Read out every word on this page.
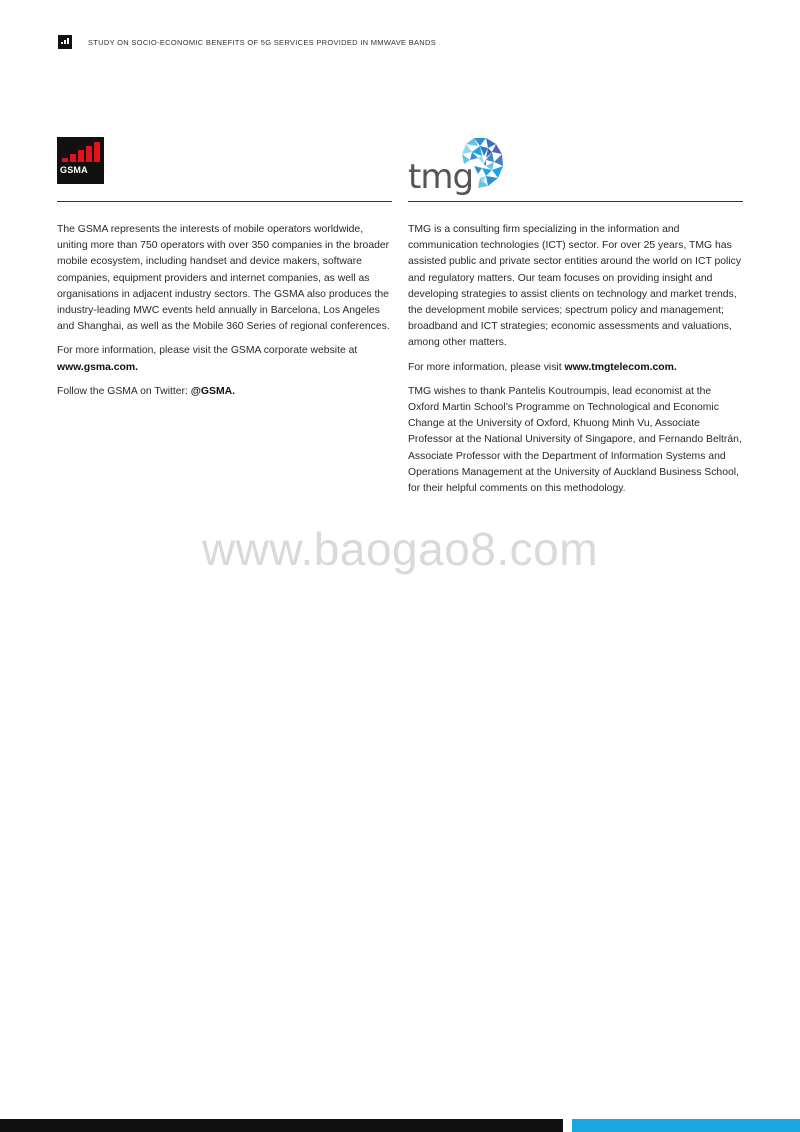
STUDY ON SOCIO-ECONOMIC BENEFITS OF 5G SERVICES PROVIDED IN MMWAVE BANDS
GSMA

The GSMA represents the interests of mobile operators worldwide, uniting more than 750 operators with over 350 companies in the broader mobile ecosystem, including handset and device makers, software companies, equipment providers and internet companies, as well as organisations in adjacent industry sectors. The GSMA also produces the industry-leading MWC events held annually in Barcelona, Los Angeles and Shanghai, as well as the Mobile 360 Series of regional conferences.

For more information, please visit the GSMA corporate website at www.gsma.com.

Follow the GSMA on Twitter: @GSMA.

tmg

TMG is a consulting firm specializing in the information and communication technologies (ICT) sector. For over 25 years, TMG has assisted public and private sector entities around the world on ICT policy and regulatory matters. Our team focuses on providing insight and developing strategies to assist clients on technology and market trends, the development mobile services; spectrum policy and management; broadband and ICT strategies; economic assessments and valuations, among other matters.

For more information, please visit www.tmgtelecom.com.

TMG wishes to thank Pantelis Koutroumpis, lead economist at the Oxford Martin School’s Programme on Technological and Economic Change at the University of Oxford, Khuong Minh Vu, Associate Professor at the National University of Singapore, and Fernando Beltrán, Associate Professor with the Department of Information Systems and Operations Management at the University of Auckland Business School, for their helpful comments on this methodology.

www.baogao8.com
